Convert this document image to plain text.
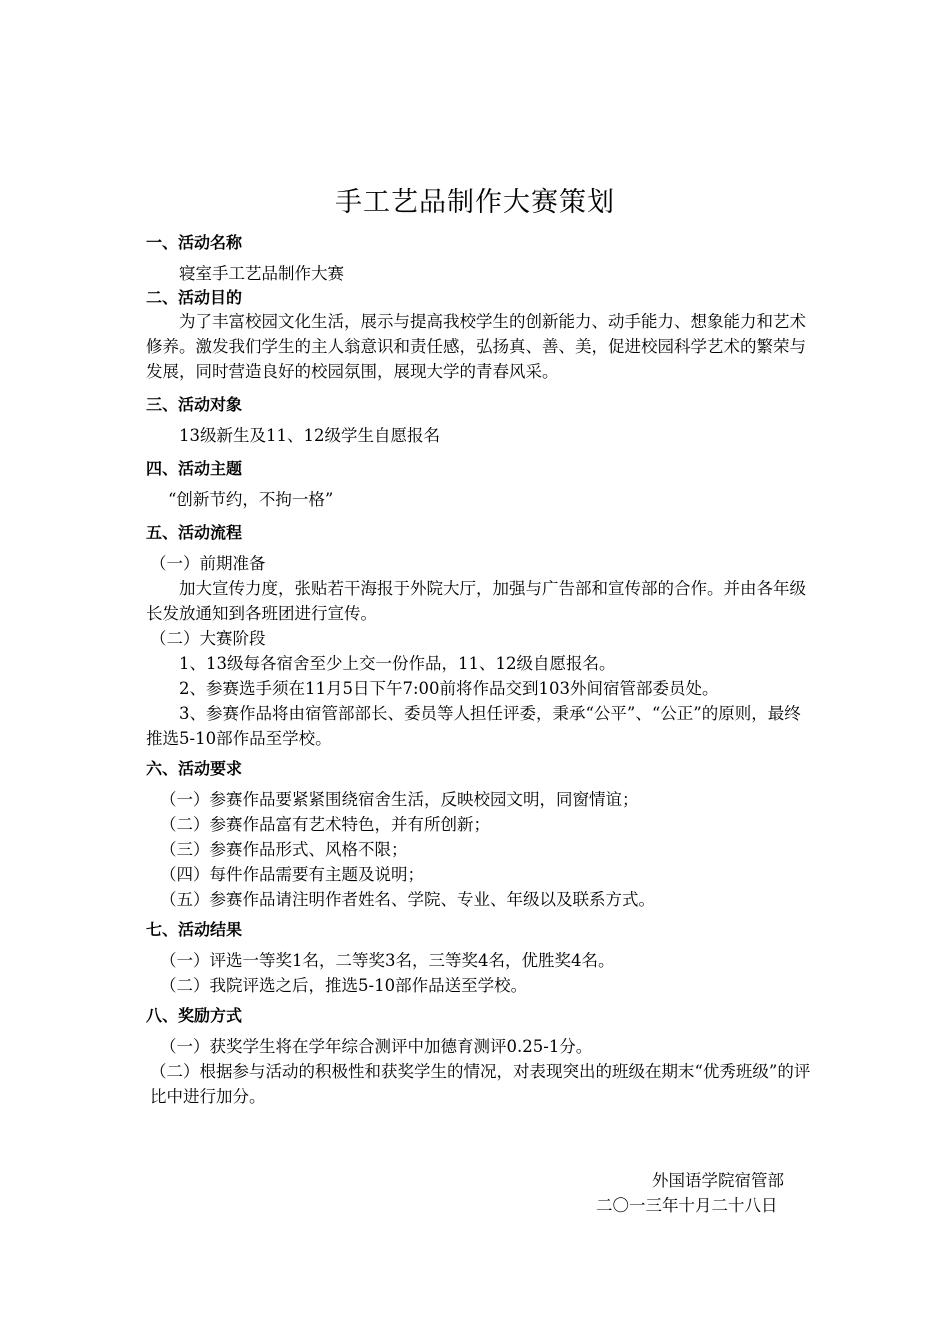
手工艺品制作大赛策划
一、活动名称
寝室手工艺品制作大赛
二、活动目的
为了丰富校园文化生活，展示与提高我校学生的创新能力、动手能力、想象能力和艺术修养。激发我们学生的主人翁意识和责任感，弘扬真、善、美，促进校园科学艺术的繁荣与发展，同时营造良好的校园氛围，展现大学的青春风采。
三、活动对象
13级新生及11、12级学生自愿报名
四、活动主题
“创新节约，不拘一格”
五、活动流程
（一）前期准备
加大宣传力度，张贴若干海报于外院大厅，加强与广告部和宣传部的合作。并由各年级长发放通知到各班团进行宣传。
（二）大赛阶段
1、13级每各宿舍至少上交一份作品，11、12级自愿报名。
2、参赛选手须在11月5日下午7:00前将作品交到103外间宿管部委员处。
3、参赛作品将由宿管部部长、委员等人担任评委，秉承“公平”、“公正”的原则，最终推选5-10部作品至学校。
六、活动要求
（一）参赛作品要紧紧围绕宿舍生活，反映校园文明，同窗情谊；
（二）参赛作品富有艺术特色，并有所创新；
（三）参赛作品形式、风格不限；
（四）每件作品需要有主题及说明；
（五）参赛作品请注明作者姓名、学院、专业、年级以及联系方式。
七、活动结果
（一）评选一等奖1名，二等奖3名，三等奖4名，优胜奖4名。
（二）我院评选之后，推选5-10部作品送至学校。
八、奖励方式
（一）获奖学生将在学年综合测评中加德育测评0.25-1分。
（二）根据参与活动的积极性和获奖学生的情况，对表现突出的班级在期末“优秀班级”的评比中进行加分。
外国语学院宿管部
二〇一三年十月二十八日
